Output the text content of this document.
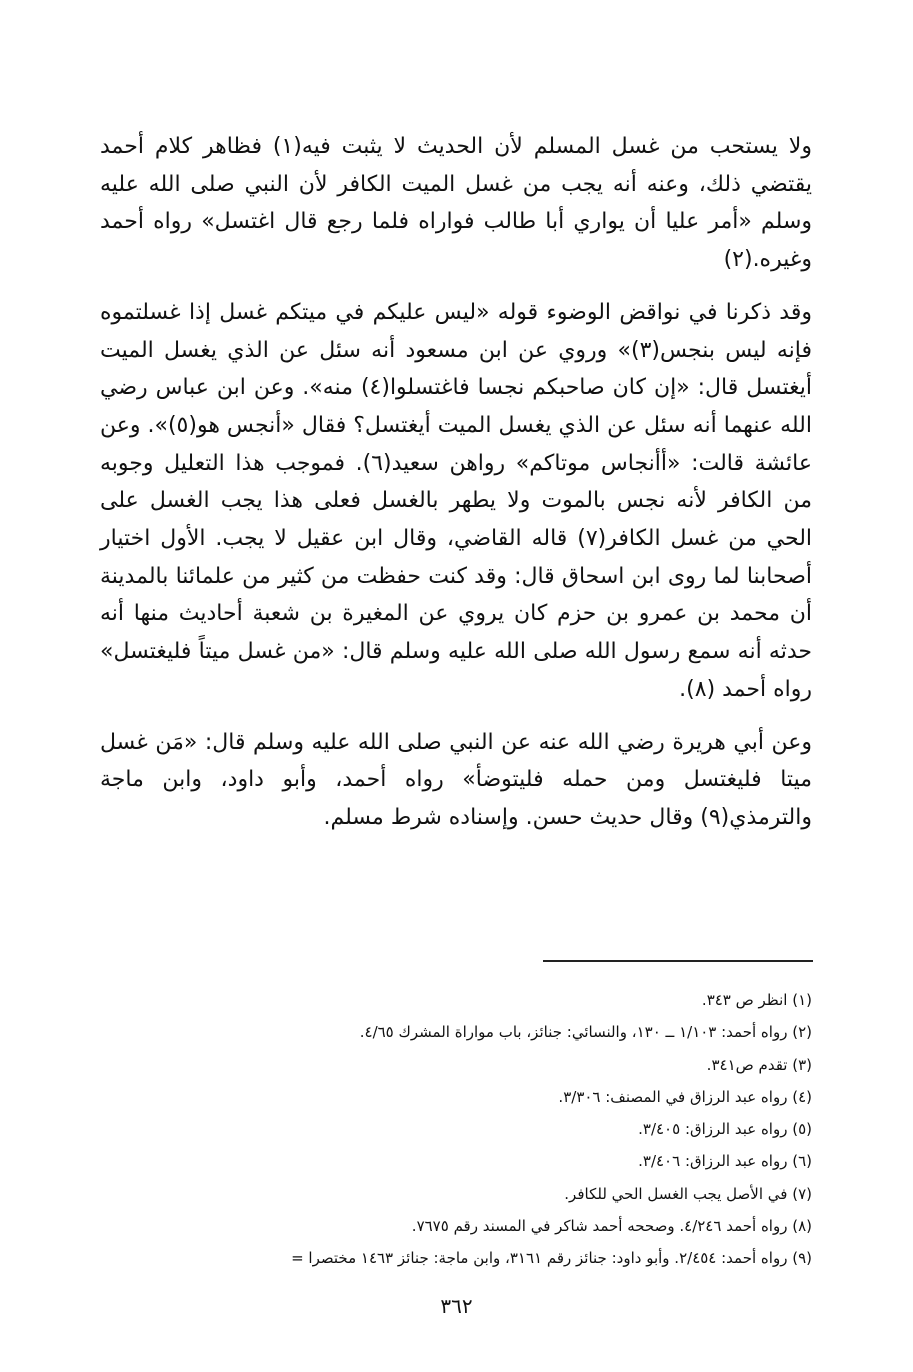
ولا يستحب من غسل المسلم لأن الحديث لا يثبت فيه(١) فظاهر كلام أحمد يقتضي ذلك، وعنه أنه يجب من غسل الميت الكافر لأن النبي صلى الله عليه وسلم «أمر عليا أن يواري أبا طالب فواراه فلما رجع قال اغتسل» رواه أحمد وغيره.(٢)

وقد ذكرنا في نواقض الوضوء قوله «ليس عليكم في ميتكم غسل إذا غسلتموه فإنه ليس بنجس(٣)» وروي عن ابن مسعود أنه سئل عن الذي يغسل الميت أيغتسل قال: «إن كان صاحبكم نجسا فاغتسلوا(٤) منه». وعن ابن عباس رضي الله عنهما أنه سئل عن الذي يغسل الميت أيغتسل؟ فقال «أنجس هو(٥)». وعن عائشة قالت: «أأنجاس موتاكم» رواهن سعيد(٦). فموجب هذا التعليل وجوبه من الكافر لأنه نجس بالموت ولا يطهر بالغسل فعلى هذا يجب الغسل على الحي من غسل الكافر(٧) قاله القاضي، وقال ابن عقيل لا يجب. الأول اختيار أصحابنا لما روى ابن اسحاق قال: وقد كنت حفظت من كثير من علمائنا بالمدينة أن محمد بن عمرو بن حزم كان يروي عن المغيرة بن شعبة أحاديث منها أنه حدثه أنه سمع رسول الله صلى الله عليه وسلم قال: «من غسل ميتاً فليغتسل» رواه أحمد (٨).

وعن أبي هريرة رضي الله عنه عن النبي صلى الله عليه وسلم قال: «مَن غسل ميتا فليغتسل ومن حمله فليتوضأ» رواه أحمد، وأبو داود، وابن ماجة والترمذي(٩) وقال حديث حسن. وإسناده شرط مسلم.

(١) انظر ص ٣٤٣.
(٢) رواه أحمد: ١/١٠٣ ــ ١٣٠، والنسائي: جنائز، باب مواراة المشرك ٤/٦٥.
(٣) تقدم ص٣٤١.
(٤) رواه عبد الرزاق في المصنف: ٣/٣٠٦.
(٥) رواه عبد الرزاق: ٣/٤٠٥.
(٦) رواه عبد الرزاق: ٣/٤٠٦.
(٧) في الأصل يجب الغسل الحي للكافر.
(٨) رواه أحمد ٤/٢٤٦. وصححه أحمد شاكر في المسند رقم ٧٦٧٥.
(٩) رواه أحمد: ٢/٤٥٤. وأبو داود: جنائز رقم ٣١٦١، وابن ماجة: جنائز ١٤٦٣ مختصرا =
٣٦٢
